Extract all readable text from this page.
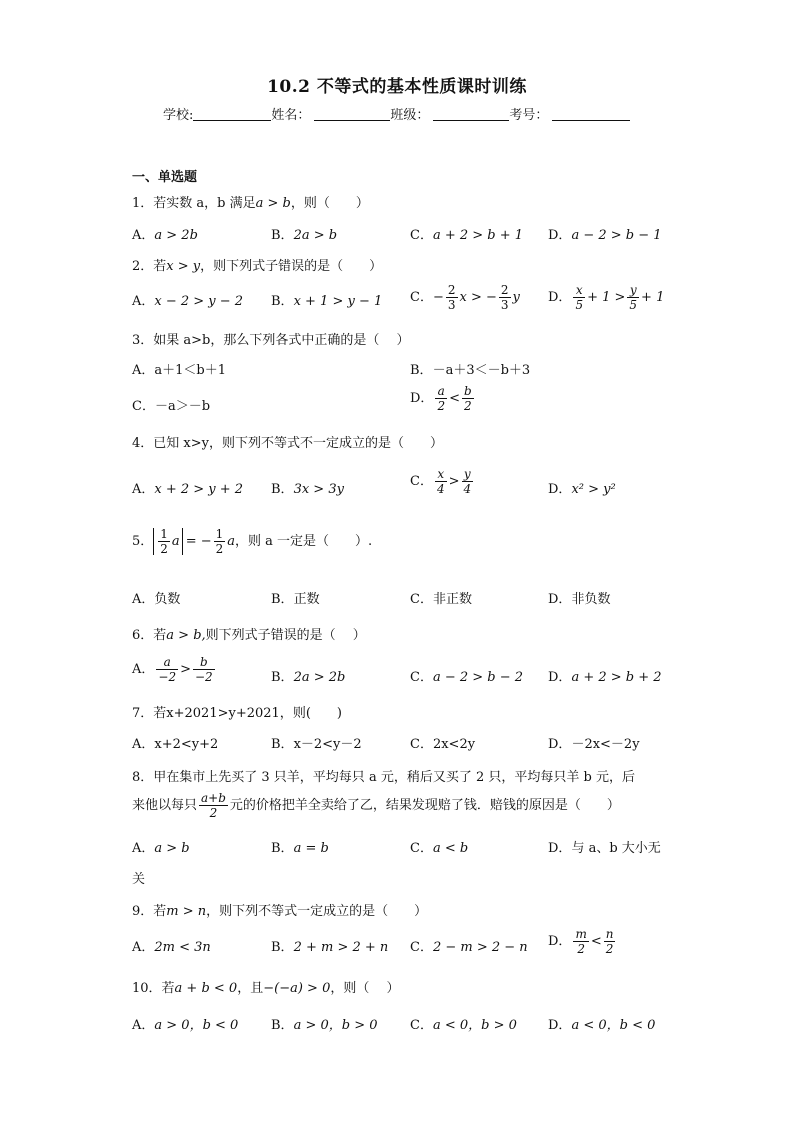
10.2 不等式的基本性质课时训练
学校:	姓名：	班级：	考号：
一、单选题
1．若实数 a，b 满足a > b，则（　　）
A．a > 2b	B．2a > b	C．a + 2 > b + 1 D．a − 2 > b − 1
2．若x > y，则下列式子错误的是（　　）
A．x − 2 > y − 2 B．x + 1 > y − 1 C．− $\frac{2}{3}$ x > − $\frac{2}{3}$ y D． $\frac{x}{5} + 1 > \frac{y}{5} + 1$
3．如果 a>b，那么下列各式中正确的是（　 ）
A．a＋1＜b＋1	B．－a＋3＜－b＋3
C．－a＞－b
D． $\frac{a}{2} < \frac{b}{2}$
4．已知 x>y，则下列不等式不一定成立的是（　　）
A．x + 2 > y + 2 B．3x > 3y
C． $\frac{x}{4} > \frac{y}{4}$	D．x² > y²
5． $\frac{1}{2}$ a = − $\frac{1}{2}$ a，则 a 一定是（　　）.
A．负数	B．正数	C．非正数	D．非负数
6．若a > b,则下列式子错误的是（　 ）
A． $\frac{a}{-2} > \frac{b}{-2}$	B．2a > 2b	C．a − 2 > b − 2 D．a + 2 > b + 2
7．若x+2021>y+2021，则(　　)
A．x+2<y+2	B．x－2<y－2	C．2x<2y	D．－2x<－2y
8．甲在集市上先买了 3 只羊，平均每只 a 元，稍后又买了 2 只，平均每只羊 b 元，后
来他以每只 $\frac{a+b}{2}$ 元的价格把羊全卖给了乙，结果发现赔了钱．赔钱的原因是（　　）
A．a > b	B．a = b	C．a < b	D．与 a、b 大小无
关
9．若m > n，则下列不等式一定成立的是（　　）
A．2m < 3n	B．2 + m > 2 + n C．2 − m > 2 − n D． $\frac{m}{2} < \frac{n}{2}$
10．若a + b < 0，且−(−a) > 0，则（　 ）
A．a > 0，b < 0	B．a > 0，b > 0	C．a < 0，b > 0 D．a < 0，b < 0
